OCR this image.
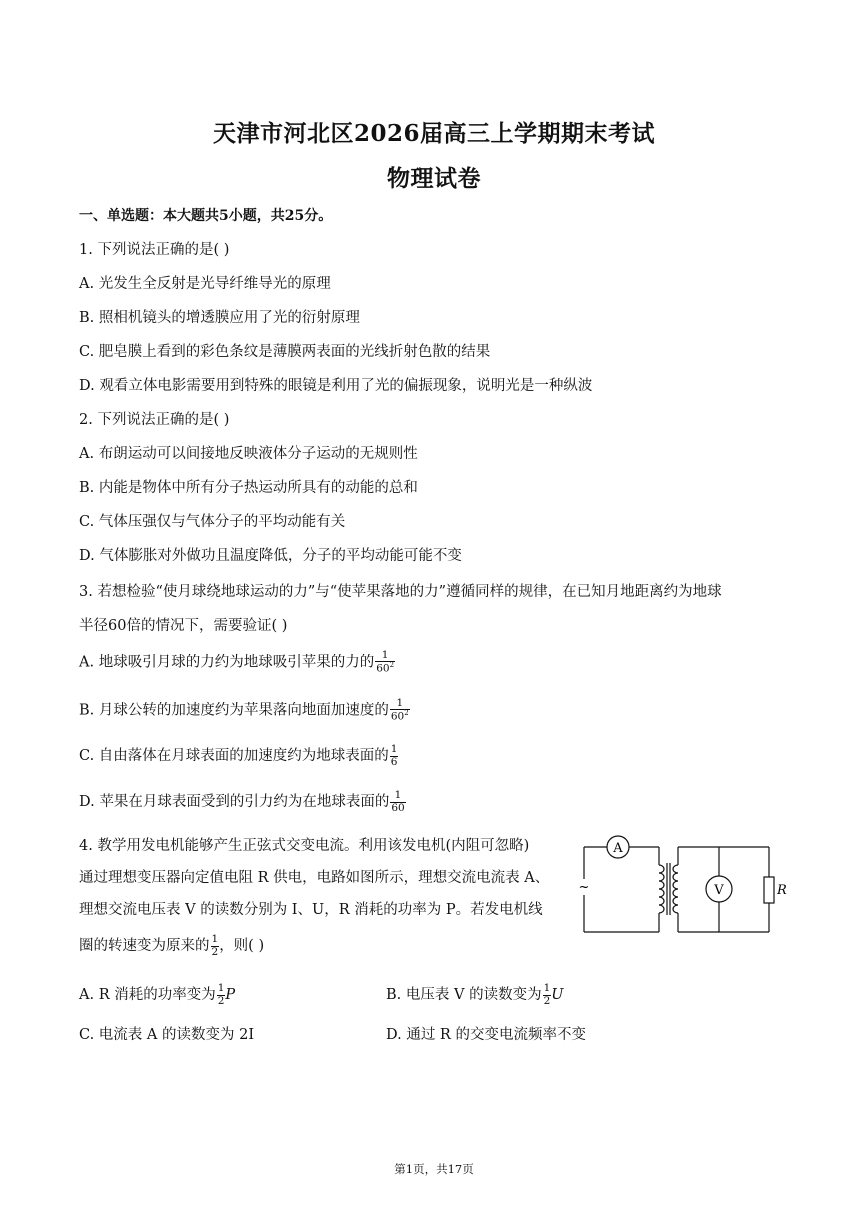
天津市河北区2026届高三上学期期末考试
物理试卷
一、单选题：本大题共5小题，共25分。
1. 下列说法正确的是( )
A. 光发生全反射是光导纤维导光的原理
B. 照相机镜头的增透膜应用了光的衍射原理
C. 肥皂膜上看到的彩色条纹是薄膜两表面的光线折射色散的结果
D. 观看立体电影需要用到特殊的眼镜是利用了光的偏振现象，说明光是一种纵波
2. 下列说法正确的是( )
A. 布朗运动可以间接地反映液体分子运动的无规则性
B. 内能是物体中所有分子热运动所具有的动能的总和
C. 气体压强仅与气体分子的平均动能有关
D. 气体膨胀对外做功且温度降低，分子的平均动能可能不变
3. 若想检验“使月球绕地球运动的力”与“使苹果落地的力”遵循同样的规律，在已知月地距离约为地球
半径60倍的情况下，需要验证( )
A. 地球吸引月球的力约为地球吸引苹果的力的 $\frac{1}{60^2}$
B. 月球公转的加速度约为苹果落向地面加速度的 $\frac{1}{60^2}$
C. 自由落体在月球表面的加速度约为地球表面的 $\frac{1}{6}$
D. 苹果在月球表面受到的引力约为在地球表面的 $\frac{1}{60}$
4. 教学用发电机能够产生正弦式交变电流。利用该发电机(内阻可忽略)
通过理想变压器向定值电阻 R 供电，电路如图所示，理想交流电流表 A、
理想交流电压表 V 的读数分别为 I、U，R 消耗的功率为 P。若发电机线
圈的转速变为原来的 $\frac{1}{2}$ ，则( )
A
V	R
~
A. R 消耗的功率变为 $\frac{1}{2}$ P	B. 电压表 V 的读数变为 $\frac{1}{2}$ U
C. 电流表 A 的读数变为 2I	D. 通过 R 的交变电流频率不变
第1页，共17页
